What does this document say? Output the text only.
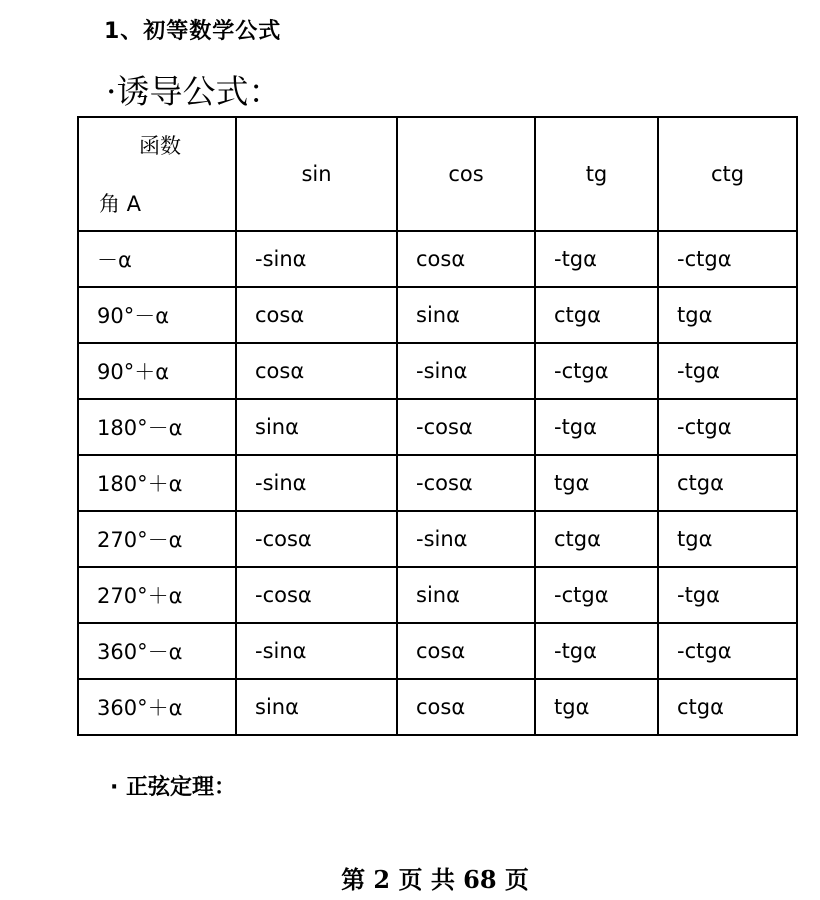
1、初等数学公式
·诱导公式：
函数
角 A	sin	cos	tg	ctg
－α	-sinα	cosα	-tgα	-ctgα
90°－α	cosα	sinα	ctgα	tgα
90°＋α	cosα	-sinα	-ctgα	-tgα
180°－α	sinα	-cosα	-tgα	-ctgα
180°＋α	-sinα	-cosα	tgα	ctgα
270°－α	-cosα	-sinα	ctgα	tgα
270°＋α	-cosα	sinα	-ctgα	-tgα
360°－α	-sinα	cosα	-tgα	-ctgα
360°＋α	sinα	cosα	tgα	ctgα
· 正弦定理：
第 2 页 共 68 页
